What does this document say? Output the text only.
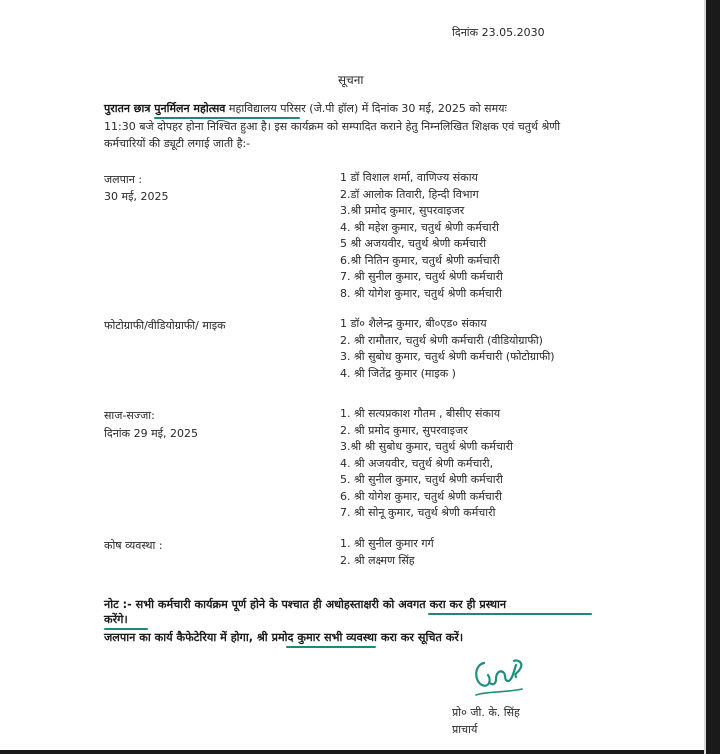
दिनांक 23.05.2030
सूचना
पुरातन छात्र पुनर्मिलन महोत्सव महाविद्यालय परिसर (जे.पी हॉल) में दिनांक 30 मई, 2025 को समयः
11:30 बजे दोपहर होना निश्चित हुआ है। इस कार्यक्रम को सम्पादित कराने हेतु निम्नलिखित शिक्षक एवं चतुर्थ श्रेणी
कर्मचारियों की ड्यूटी लगाई जाती है:-
जलपान :
30 मई, 2025
1 डॉ विशाल शर्मा, वाणिज्य संकाय
2.डॉ आलोक तिवारी, हिन्दी विभाग
3.श्री प्रमोद कुमार, सुपरवाइजर
4. श्री महेश कुमार, चतुर्थ श्रेणी कर्मचारी
5 श्री अजयवीर, चतुर्थ श्रेणी कर्मचारी
6.श्री नितिन कुमार, चतुर्थ श्रेणी कर्मचारी
7. श्री सुनील कुमार, चतुर्थ श्रेणी कर्मचारी
8. श्री योगेश कुमार, चतुर्थ श्रेणी कर्मचारी
फोटोग्राफी/वीडियोग्राफी/ माइक	1 डॉ० शैलेन्द्र कुमार, बी०एड० संकाय
2. श्री रामौतार, चतुर्थ श्रेणी कर्मचारी (वीडियोग्राफी)
3. श्री सुबोध कुमार, चतुर्थ श्रेणी कर्मचारी (फोटोग्राफी)
4. श्री जितेंद्र कुमार (माइक )
साज-सज्जा:
दिनांक 29 मई, 2025
1. श्री सत्यप्रकाश गौतम , बीसीए संकाय
2. श्री प्रमोद कुमार, सुपरवाइजर
3.श्री श्री सुबोध कुमार, चतुर्थ श्रेणी कर्मचारी
4. श्री अजयवीर, चतुर्थ श्रेणी कर्मचारी,
5. श्री सुनील कुमार, चतुर्थ श्रेणी कर्मचारी
6. श्री योगेश कुमार, चतुर्थ श्रेणी कर्मचारी
7. श्री सोनू कुमार, चतुर्थ श्रेणी कर्मचारी
कोष व्यवस्था :	1. श्री सुनील कुमार गर्ग
2. श्री लक्ष्मण सिंह
नोट :- सभी कर्मचारी कार्यक्रम पूर्ण होने के पश्चात ही अधोहस्ताक्षरी को अवगत करा कर ही प्रस्थान
करेंगे।
जलपान का कार्य कैफेटेरिया में होगा, श्री प्रमोद कुमार सभी व्यवस्था करा कर सूचित करें।
प्रो० जी. के. सिंह
प्राचार्य
